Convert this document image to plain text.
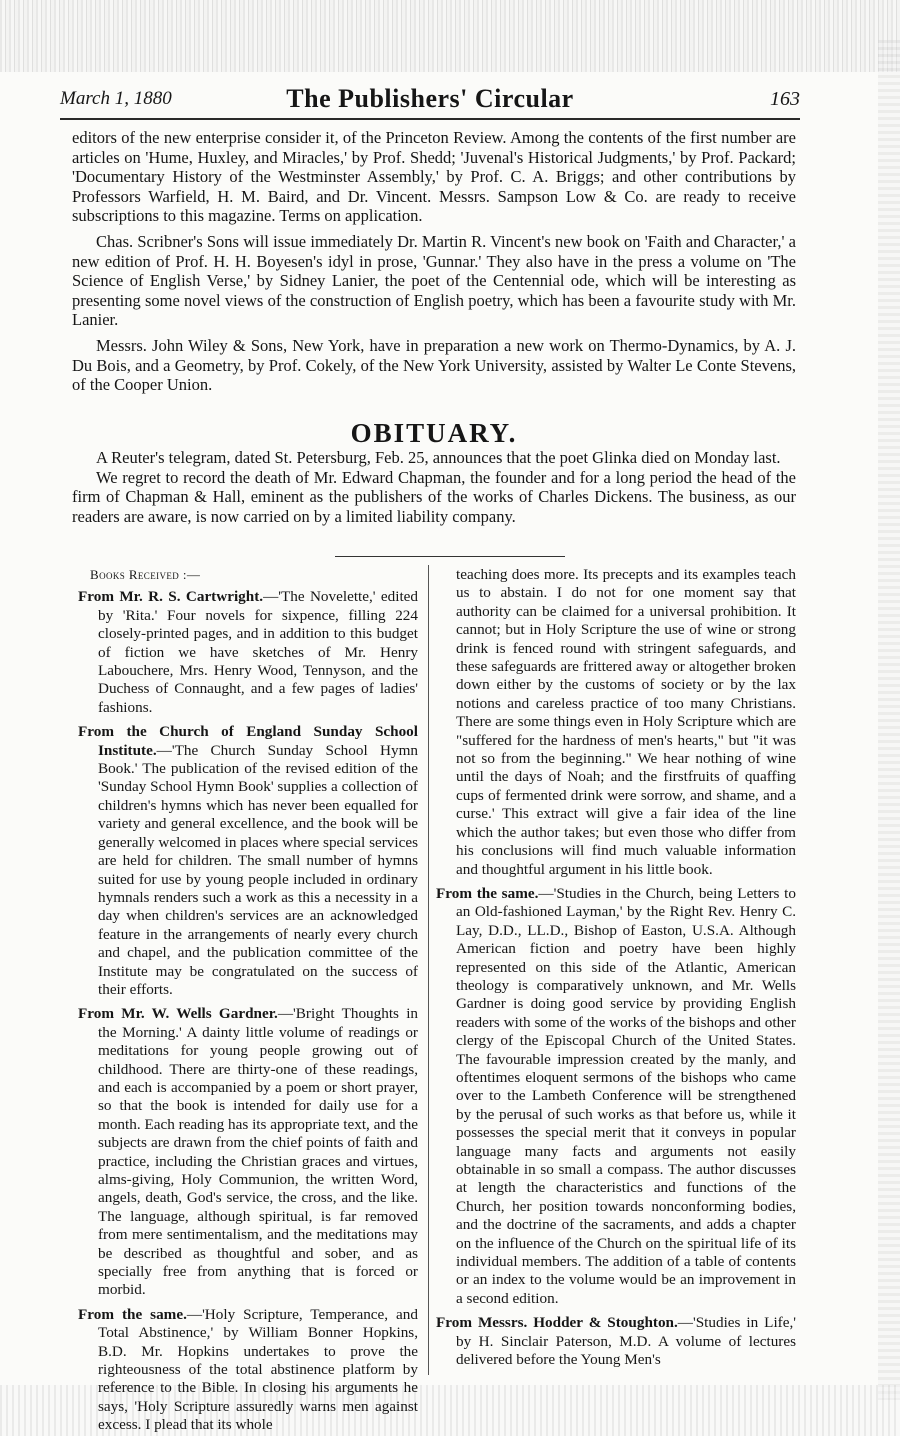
March 1, 1880	The Publishers' Circular	163

editors of the new enterprise consider it, of the Princeton Review. Among the contents of the first number are articles on 'Hume, Huxley, and Miracles,' by Prof. Shedd; 'Juvenal's Historical Judgments,' by Prof. Packard; 'Documentary History of the Westminster Assembly,' by Prof. C. A. Briggs; and other contributions by Professors Warfield, H. M. Baird, and Dr. Vincent. Messrs. Sampson Low & Co. are ready to receive subscriptions to this magazine. Terms on application.

Chas. Scribner's Sons will issue immediately Dr. Martin R. Vincent's new book on 'Faith and Character,' a new edition of Prof. H. H. Boyesen's idyl in prose, 'Gunnar.' They also have in the press a volume on 'The Science of English Verse,' by Sidney Lanier, the poet of the Centennial ode, which will be interesting as presenting some novel views of the construction of English poetry, which has been a favourite study with Mr. Lanier.

Messrs. John Wiley & Sons, New York, have in preparation a new work on Thermo-Dynamics, by A. J. Du Bois, and a Geometry, by Prof. Cokely, of the New York University, assisted by Walter Le Conte Stevens, of the Cooper Union.

OBITUARY.

A Reuter's telegram, dated St. Petersburg, Feb. 25, announces that the poet Glinka died on Monday last.

We regret to record the death of Mr. Edward Chapman, the founder and for a long period the head of the firm of Chapman & Hall, eminent as the publishers of the works of Charles Dickens. The business, as our readers are aware, is now carried on by a limited liability company.

Books Received :—

From Mr. R. S. Cartwright.—'The Novelette,' edited by 'Rita.' Four novels for sixpence, filling 224 closely-printed pages, and in addition to this budget of fiction we have sketches of Mr. Henry Labouchere, Mrs. Henry Wood, Tennyson, and the Duchess of Connaught, and a few pages of ladies' fashions.

From the Church of England Sunday School Institute.—'The Church Sunday School Hymn Book.' The publication of the revised edition of the 'Sunday School Hymn Book' supplies a collection of children's hymns which has never been equalled for variety and general excellence, and the book will be generally welcomed in places where special services are held for children. The small number of hymns suited for use by young people included in ordinary hymnals renders such a work as this a necessity in a day when children's services are an acknowledged feature in the arrangements of nearly every church and chapel, and the publication committee of the Institute may be congratulated on the success of their efforts.

From Mr. W. Wells Gardner.—'Bright Thoughts in the Morning.' A dainty little volume of readings or meditations for young people growing out of childhood. There are thirty-one of these readings, and each is accompanied by a poem or short prayer, so that the book is intended for daily use for a month. Each reading has its appropriate text, and the subjects are drawn from the chief points of faith and practice, including the Christian graces and virtues, alms-giving, Holy Communion, the written Word, angels, death, God's service, the cross, and the like. The language, although spiritual, is far removed from mere sentimentalism, and the meditations may be described as thoughtful and sober, and as specially free from anything that is forced or morbid.

From the same.—'Holy Scripture, Temperance, and Total Abstinence,' by William Bonner Hopkins, B.D. Mr. Hopkins undertakes to prove the righteousness of the total abstinence platform by reference to the Bible. In closing his arguments he says, 'Holy Scripture assuredly warns men against excess. I plead that its whole

teaching does more. Its precepts and its examples teach us to abstain. I do not for one moment say that authority can be claimed for a universal prohibition. It cannot; but in Holy Scripture the use of wine or strong drink is fenced round with stringent safeguards, and these safeguards are frittered away or altogether broken down either by the customs of society or by the lax notions and careless practice of too many Christians. There are some things even in Holy Scripture which are "suffered for the hardness of men's hearts," but "it was not so from the beginning." We hear nothing of wine until the days of Noah; and the firstfruits of quaffing cups of fermented drink were sorrow, and shame, and a curse.' This extract will give a fair idea of the line which the author takes; but even those who differ from his conclusions will find much valuable information and thoughtful argument in his little book.

From the same.—'Studies in the Church, being Letters to an Old-fashioned Layman,' by the Right Rev. Henry C. Lay, D.D., LL.D., Bishop of Easton, U.S.A. Although American fiction and poetry have been highly represented on this side of the Atlantic, American theology is comparatively unknown, and Mr. Wells Gardner is doing good service by providing English readers with some of the works of the bishops and other clergy of the Episcopal Church of the United States. The favourable impression created by the manly, and oftentimes eloquent sermons of the bishops who came over to the Lambeth Conference will be strengthened by the perusal of such works as that before us, while it possesses the special merit that it conveys in popular language many facts and arguments not easily obtainable in so small a compass. The author discusses at length the characteristics and functions of the Church, her position towards nonconforming bodies, and the doctrine of the sacraments, and adds a chapter on the influence of the Church on the spiritual life of its individual members. The addition of a table of contents or an index to the volume would be an improvement in a second edition.

From Messrs. Hodder & Stoughton.—'Studies in Life,' by H. Sinclair Paterson, M.D. A volume of lectures delivered before the Young Men's
